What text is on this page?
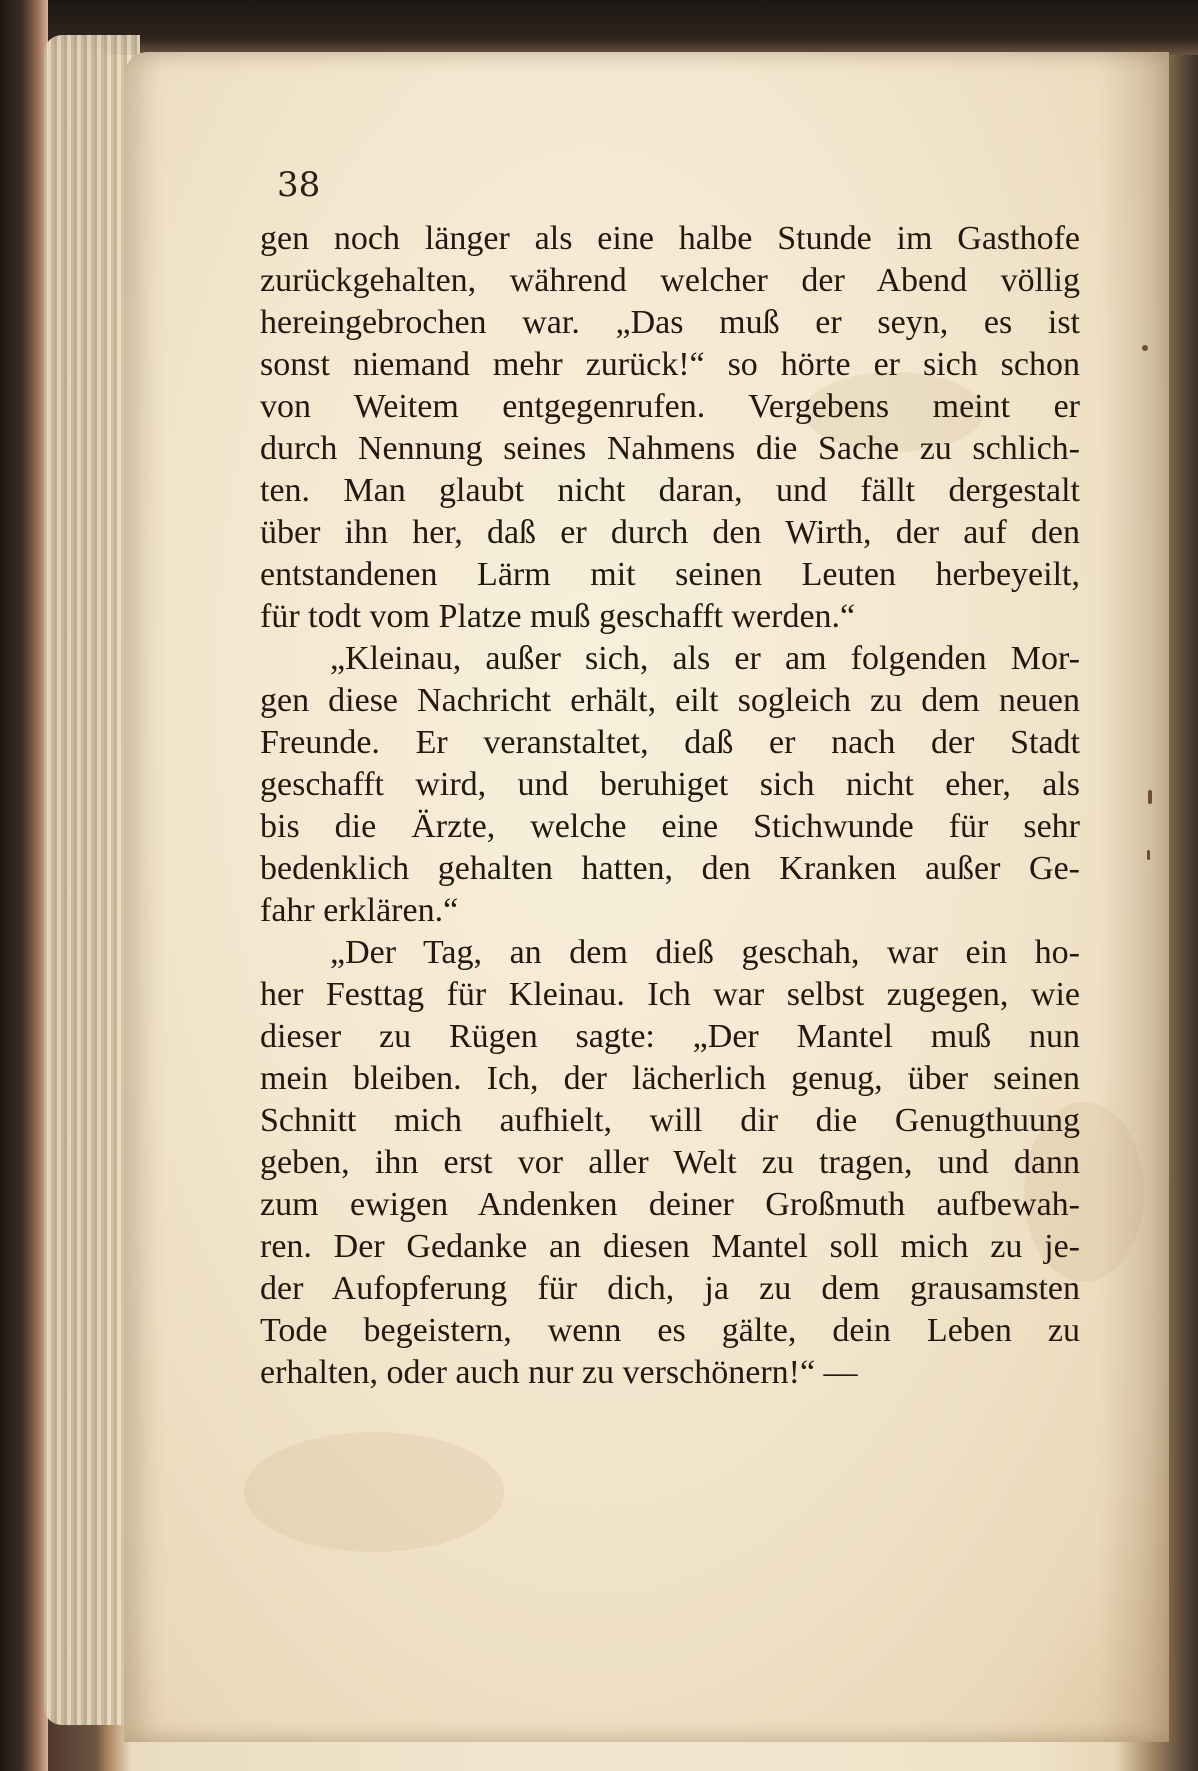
38
gen noch länger als eine halbe Stunde im Gasthofe
zurückgehalten, während welcher der Abend völlig
hereingebrochen war. „Das muß er seyn, es ist
sonst niemand mehr zurück!“ so hörte er sich schon
von Weitem entgegenrufen. Vergebens meint er
durch Nennung seines Nahmens die Sache zu schlich-
ten. Man glaubt nicht daran, und fällt dergestalt
über ihn her, daß er durch den Wirth, der auf den
entstandenen Lärm mit seinen Leuten herbeyeilt,
für todt vom Platze muß geschafft werden.“
„Kleinau, außer sich, als er am folgenden Mor-
gen diese Nachricht erhält, eilt sogleich zu dem neuen
Freunde. Er veranstaltet, daß er nach der Stadt
geschafft wird, und beruhiget sich nicht eher, als
bis die Ärzte, welche eine Stichwunde für sehr
bedenklich gehalten hatten, den Kranken außer Ge-
fahr erklären.“
„Der Tag, an dem dieß geschah, war ein ho-
her Festtag für Kleinau. Ich war selbst zugegen, wie
dieser zu Rügen sagte: „Der Mantel muß nun
mein bleiben. Ich, der lächerlich genug, über seinen
Schnitt mich aufhielt, will dir die Genugthuung
geben, ihn erst vor aller Welt zu tragen, und dann
zum ewigen Andenken deiner Großmuth aufbewah-
ren. Der Gedanke an diesen Mantel soll mich zu je-
der Aufopferung für dich, ja zu dem grausamsten
Tode begeistern, wenn es gälte, dein Leben zu
erhalten, oder auch nur zu verschönern!“ —
